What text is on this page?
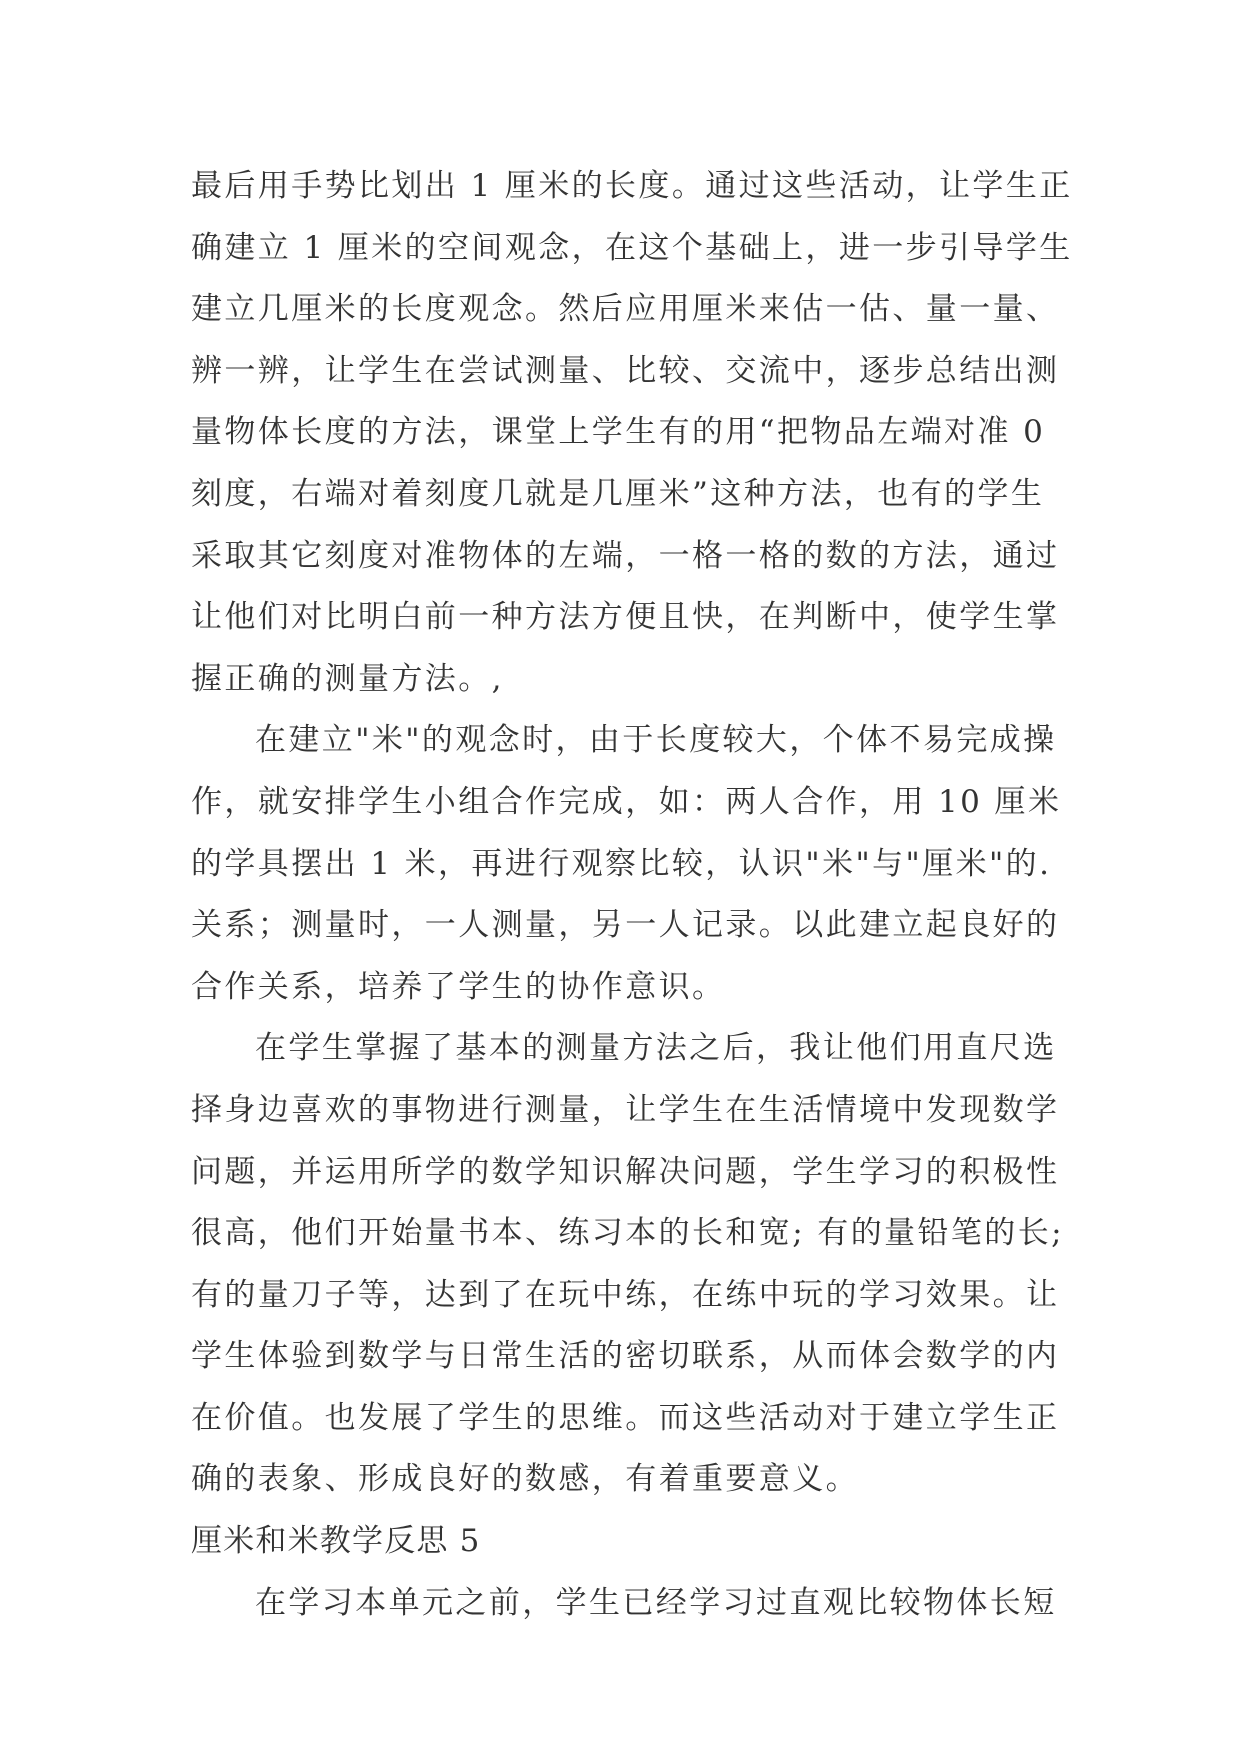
最后用手势比划出 1 厘米的长度。通过这些活动，让学生正
确建立 1 厘米的空间观念，在这个基础上，进一步引导学生
建立几厘米的长度观念。然后应用厘米来估一估、量一量、
辨一辨，让学生在尝试测量、比较、交流中，逐步总结出测
量物体长度的方法，课堂上学生有的用“把物品左端对准 0
刻度，右端对着刻度几就是几厘米”这种方法，也有的学生
采取其它刻度对准物体的左端，一格一格的数的方法，通过
让他们对比明白前一种方法方便且快，在判断中，使学生掌
握正确的测量方法。,
在建立"米"的观念时，由于长度较大，个体不易完成操
作，就安排学生小组合作完成，如：两人合作，用 10 厘米
的学具摆出 1 米，再进行观察比较，认识"米"与"厘米"的.
关系；测量时，一人测量，另一人记录。以此建立起良好的
合作关系，培养了学生的协作意识。
在学生掌握了基本的测量方法之后，我让他们用直尺选
择身边喜欢的事物进行测量，让学生在生活情境中发现数学
问题，并运用所学的数学知识解决问题，学生学习的积极性
很高，他们开始量书本、练习本的长和宽; 有的量铅笔的长;
有的量刀子等，达到了在玩中练，在练中玩的学习效果。让
学生体验到数学与日常生活的密切联系，从而体会数学的内
在价值。也发展了学生的思维。而这些活动对于建立学生正
确的表象、形成良好的数感，有着重要意义。
厘米和米教学反思 5
在学习本单元之前，学生已经学习过直观比较物体长短
